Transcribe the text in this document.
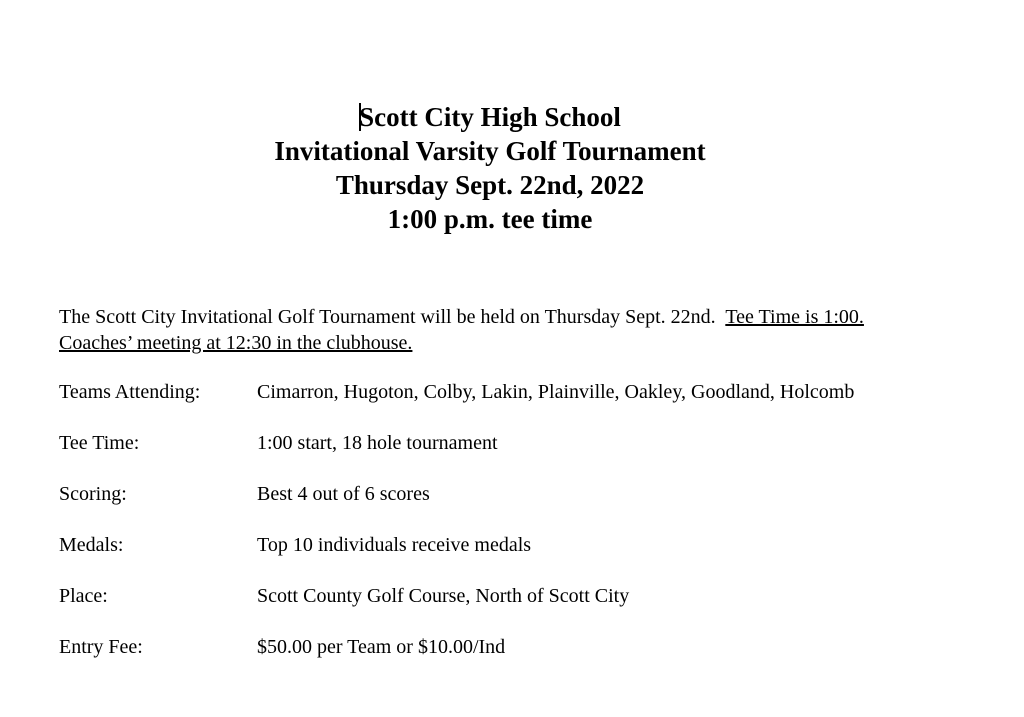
Scott City High School
Invitational Varsity Golf Tournament
Thursday Sept. 22nd, 2022
1:00 p.m. tee time
The Scott City Invitational Golf Tournament will be held on Thursday Sept. 22nd. Tee Time is 1:00. Coaches’ meeting at 12:30 in the clubhouse.
Teams Attending:	Cimarron, Hugoton, Colby, Lakin, Plainville, Oakley, Goodland, Holcomb
Tee Time:	1:00 start, 18 hole tournament
Scoring:	Best 4 out of 6 scores
Medals:	Top 10 individuals receive medals
Place:	Scott County Golf Course, North of Scott City
Entry Fee:	$50.00 per Team or $10.00/Ind
